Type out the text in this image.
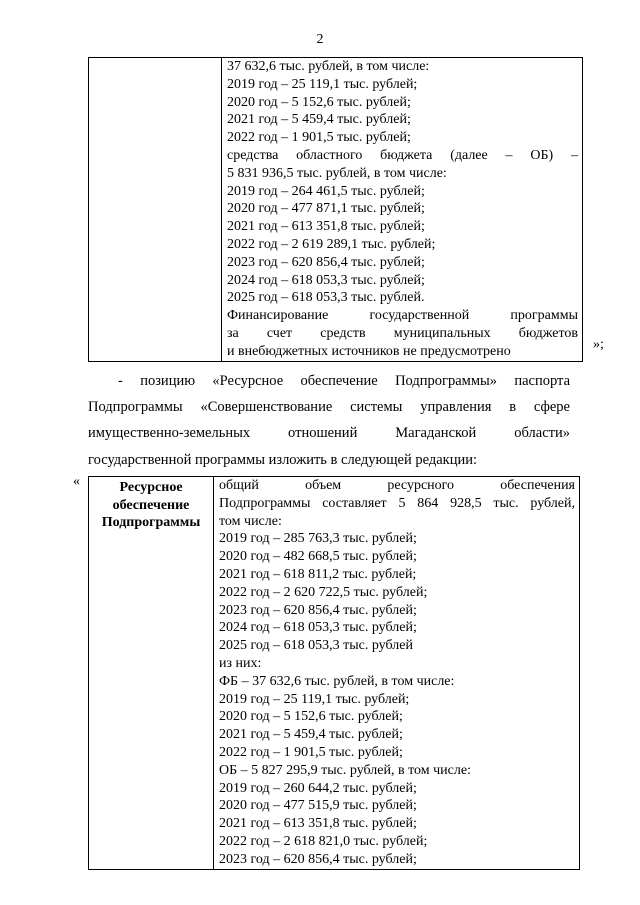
2

37 632,6 тыс. рублей, в том числе:
2019 год – 25 119,1 тыс. рублей;
2020 год – 5 152,6 тыс. рублей;
2021 год – 5 459,4 тыс. рублей;
2022 год – 1 901,5 тыс. рублей;
средства областного бюджета (далее – ОБ) –
5 831 936,5 тыс. рублей, в том числе:
2019 год – 264 461,5 тыс. рублей;
2020 год – 477 871,1 тыс. рублей;
2021 год – 613 351,8 тыс. рублей;
2022 год – 2 619 289,1 тыс. рублей;
2023 год – 620 856,4 тыс. рублей;
2024 год – 618 053,3 тыс. рублей;
2025 год – 618 053,3 тыс. рублей.
Финансирование государственной программы
за счет средств муниципальных бюджетов
и внебюджетных источников не предусмотрено	»;
- позицию «Ресурсное обеспечение Подпрограммы» паспорта
Подпрограммы «Совершенствование системы управления в сфере
имущественно-земельных отношений Магаданской области»
государственной программы изложить в следующей редакции:
«	Ресурсное обеспечение Подпрограммы

общий объем ресурсного обеспечения
Подпрограммы составляет 5 864 928,5 тыс. рублей,
том числе:
2019 год – 285 763,3 тыс. рублей;
2020 год – 482 668,5 тыс. рублей;
2021 год – 618 811,2 тыс. рублей;
2022 год – 2 620 722,5 тыс. рублей;
2023 год – 620 856,4 тыс. рублей;
2024 год – 618 053,3 тыс. рублей;
2025 год – 618 053,3 тыс. рублей
из них:
ФБ – 37 632,6 тыс. рублей, в том числе:
2019 год – 25 119,1 тыс. рублей;
2020 год – 5 152,6 тыс. рублей;
2021 год – 5 459,4 тыс. рублей;
2022 год – 1 901,5 тыс. рублей;
ОБ – 5 827 295,9 тыс. рублей, в том числе:
2019 год – 260 644,2 тыс. рублей;
2020 год – 477 515,9 тыс. рублей;
2021 год – 613 351,8 тыс. рублей;
2022 год – 2 618 821,0 тыс. рублей;
2023 год – 620 856,4 тыс. рублей;
